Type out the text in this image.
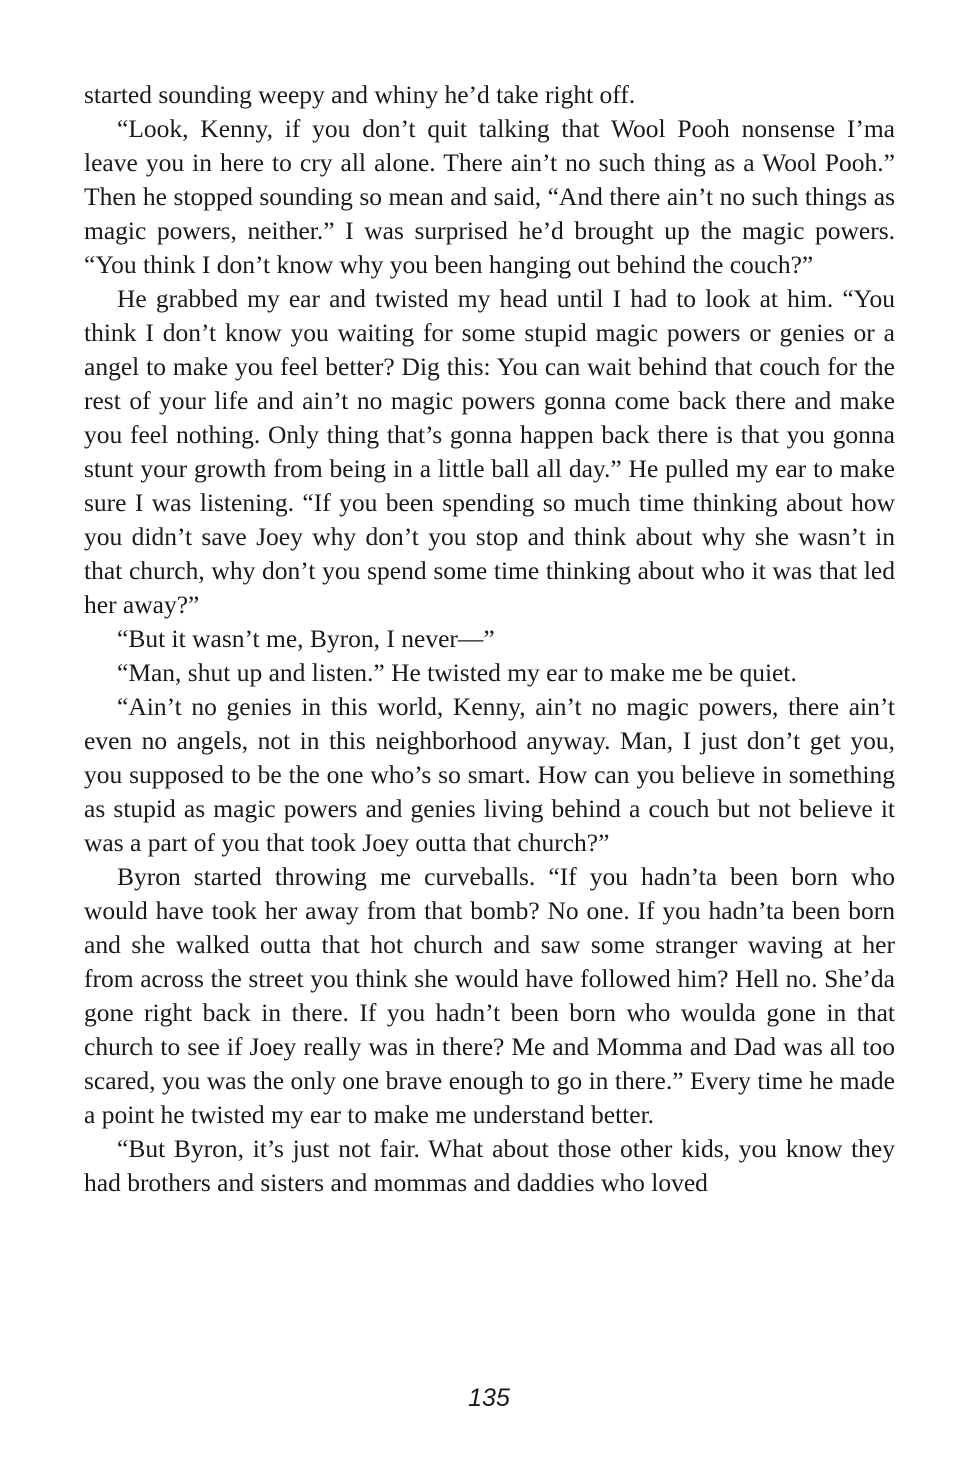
started sounding weepy and whiny he’d take right off.

“Look, Kenny, if you don’t quit talking that Wool Pooh nonsense I’ma leave you in here to cry all alone. There ain’t no such thing as a Wool Pooh.” Then he stopped sounding so mean and said, “And there ain’t no such things as magic powers, neither.” I was surprised he’d brought up the magic powers. “You think I don’t know why you been hanging out behind the couch?”

He grabbed my ear and twisted my head until I had to look at him. “You think I don’t know you waiting for some stupid magic powers or genies or a angel to make you feel better? Dig this: You can wait behind that couch for the rest of your life and ain’t no magic powers gonna come back there and make you feel nothing. Only thing that’s gonna happen back there is that you gonna stunt your growth from being in a little ball all day.” He pulled my ear to make sure I was listening. “If you been spending so much time thinking about how you didn’t save Joey why don’t you stop and think about why she wasn’t in that church, why don’t you spend some time thinking about who it was that led her away?”

“But it wasn’t me, Byron, I never—”

“Man, shut up and listen.” He twisted my ear to make me be quiet.

“Ain’t no genies in this world, Kenny, ain’t no magic powers, there ain’t even no angels, not in this neighborhood anyway. Man, I just don’t get you, you supposed to be the one who’s so smart. How can you believe in something as stupid as magic powers and genies living behind a couch but not believe it was a part of you that took Joey outta that church?”

Byron started throwing me curveballs. “If you hadn’ta been born who would have took her away from that bomb? No one. If you hadn’ta been born and she walked outta that hot church and saw some stranger waving at her from across the street you think she would have followed him? Hell no. She’da gone right back in there. If you hadn’t been born who woulda gone in that church to see if Joey really was in there? Me and Momma and Dad was all too scared, you was the only one brave enough to go in there.” Every time he made a point he twisted my ear to make me understand better.

“But Byron, it’s just not fair. What about those other kids, you know they had brothers and sisters and mommas and daddies who loved

135
